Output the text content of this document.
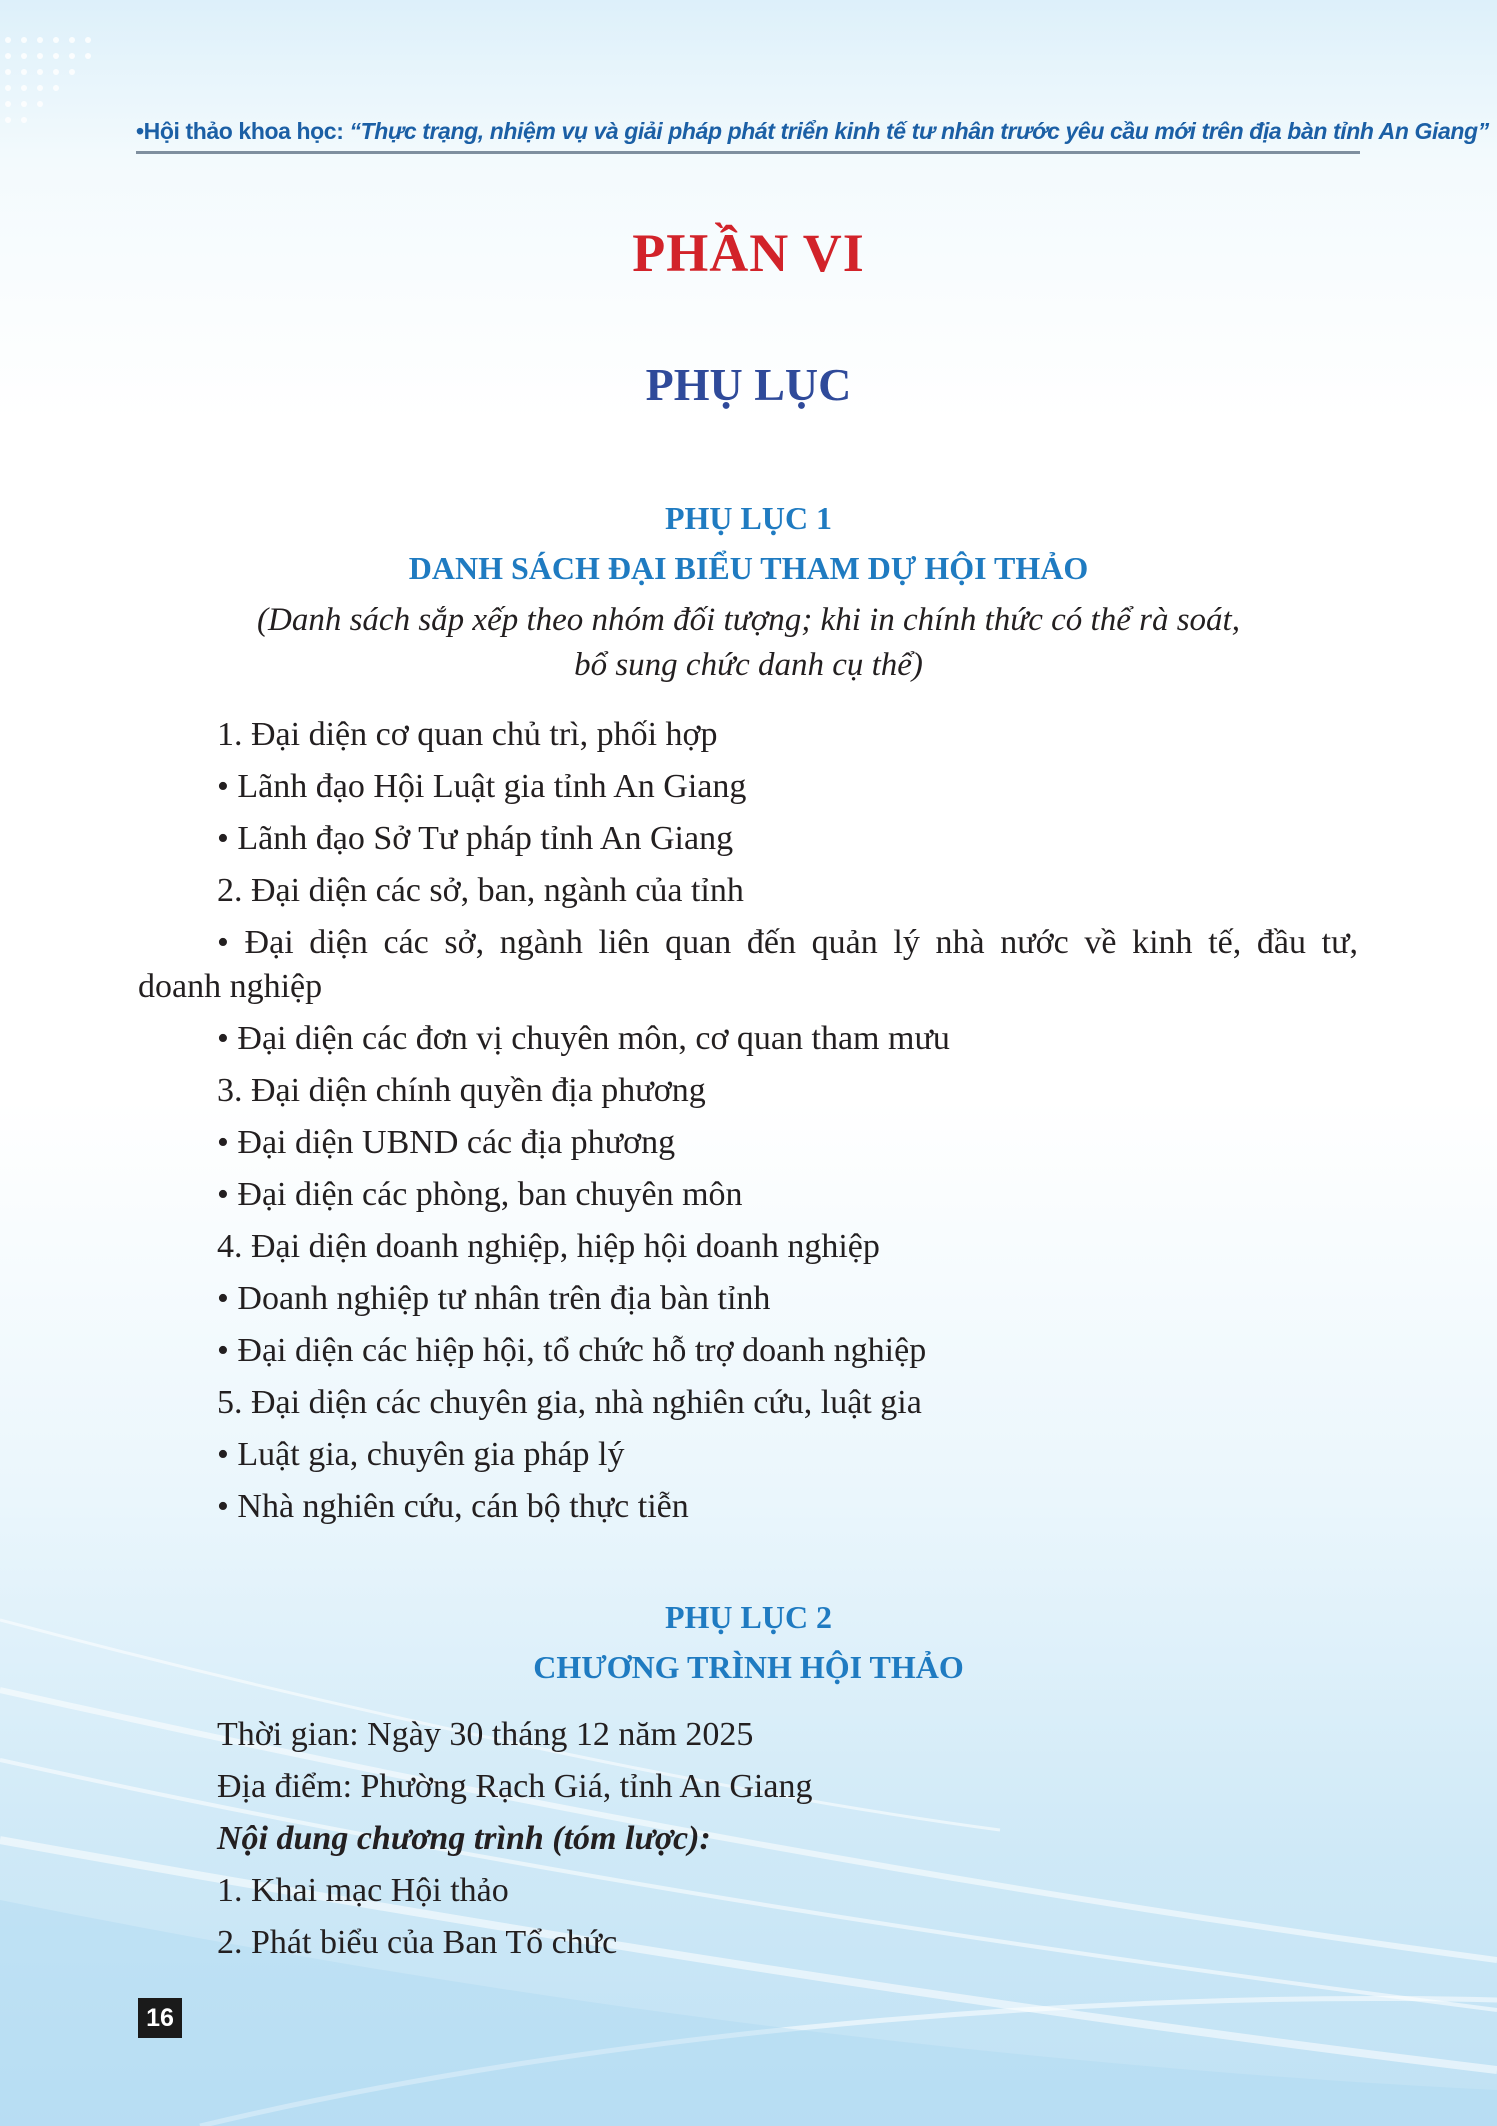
•Hội thảo khoa học: “Thực trạng, nhiệm vụ và giải pháp phát triển kinh tế tư nhân trước yêu cầu mới trên địa bàn tỉnh An Giang”
PHẦN VI
PHỤ LỤC
PHỤ LỤC 1
DANH SÁCH ĐẠI BIỂU THAM DỰ HỘI THẢO
(Danh sách sắp xếp theo nhóm đối tượng; khi in chính thức có thể rà soát,
bổ sung chức danh cụ thể)
1. Đại diện cơ quan chủ trì, phối hợp
• Lãnh đạo Hội Luật gia tỉnh An Giang
• Lãnh đạo Sở Tư pháp tỉnh An Giang
2. Đại diện các sở, ban, ngành của tỉnh
• Đại diện các sở, ngành liên quan đến quản lý nhà nước về kinh tế, đầu tư,
doanh nghiệp
• Đại diện các đơn vị chuyên môn, cơ quan tham mưu
3. Đại diện chính quyền địa phương
• Đại diện UBND các địa phương
• Đại diện các phòng, ban chuyên môn
4. Đại diện doanh nghiệp, hiệp hội doanh nghiệp
• Doanh nghiệp tư nhân trên địa bàn tỉnh
• Đại diện các hiệp hội, tổ chức hỗ trợ doanh nghiệp
5. Đại diện các chuyên gia, nhà nghiên cứu, luật gia
• Luật gia, chuyên gia pháp lý
• Nhà nghiên cứu, cán bộ thực tiễn
PHỤ LỤC 2
CHƯƠNG TRÌNH HỘI THẢO
Thời gian: Ngày 30 tháng 12 năm 2025
Địa điểm: Phường Rạch Giá, tỉnh An Giang
Nội dung chương trình (tóm lược):
1. Khai mạc Hội thảo
2. Phát biểu của Ban Tổ chức
16
